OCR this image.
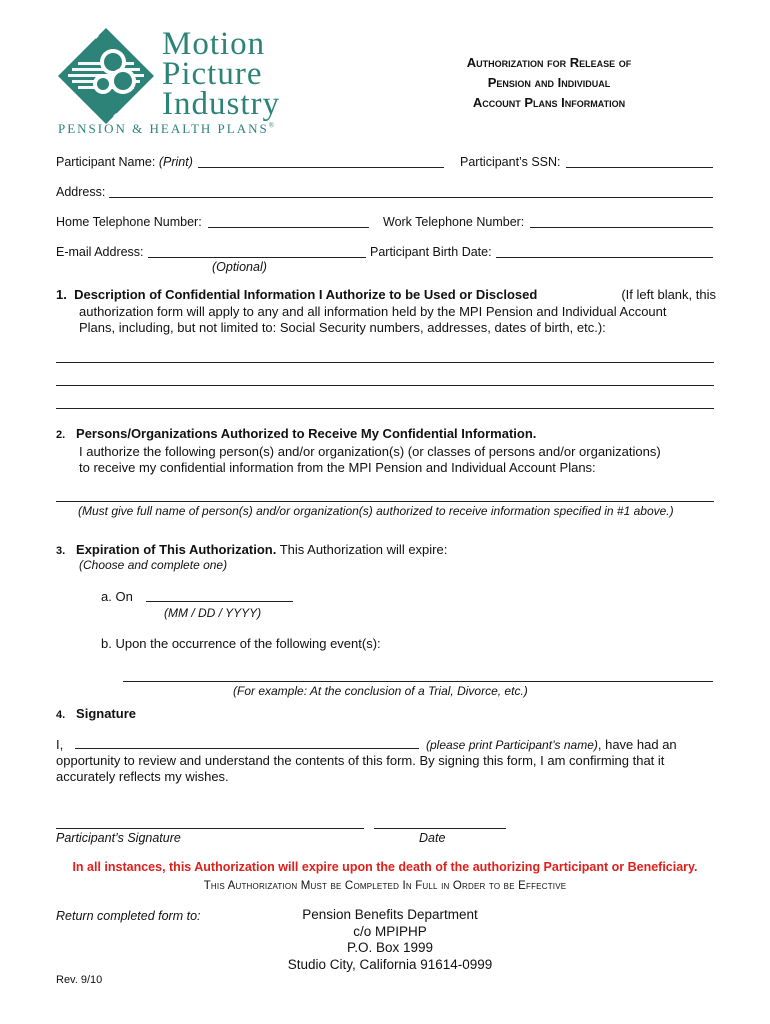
Motion
Picture
Industry
PENSION & HEALTH PLANS®
Authorization for Release of
Pension and Individual
Account Plans Information
Participant Name: (Print)	Participant’s SSN:
Address:
Home Telephone Number:	Work Telephone Number:
E-mail Address:
(Optional)
Participant Birth Date:
1. Description of Confidential Information I Authorize to be Used or Disclosed	(If left blank, this
authorization form will apply to any and all information held by the MPI Pension and Individual Account
Plans, including, but not limited to: Social Security numbers, addresses, dates of birth, etc.):
2. Persons/Organizations Authorized to Receive My Confidential Information.
I authorize the following person(s) and/or organization(s) (or classes of persons and/or organizations)
to receive my confidential information from the MPI Pension and Individual Account Plans:
(Must give full name of person(s) and/or organization(s) authorized to receive information specified in #1 above.)
3. Expiration of This Authorization. This Authorization will expire:
(Choose and complete one)
a. On
(MM / DD / YYYY)
b. Upon the occurrence of the following event(s):
(For example: At the conclusion of a Trial, Divorce, etc.)
4. Signature
I,	(please print Participant’s name), have had an
opportunity to review and understand the contents of this form. By signing this form, I am confirming that it
accurately reflects my wishes.
Participant’s Signature	Date
In all instances, this Authorization will expire upon the death of the authorizing Participant or Beneficiary.
This Authorization Must be Completed In Full in Order to be Effective
Return completed form to:	Pension Benefits Department
c/o MPIPHP
P.O. Box 1999
Studio City, California 91614-0999
Rev. 9/10
